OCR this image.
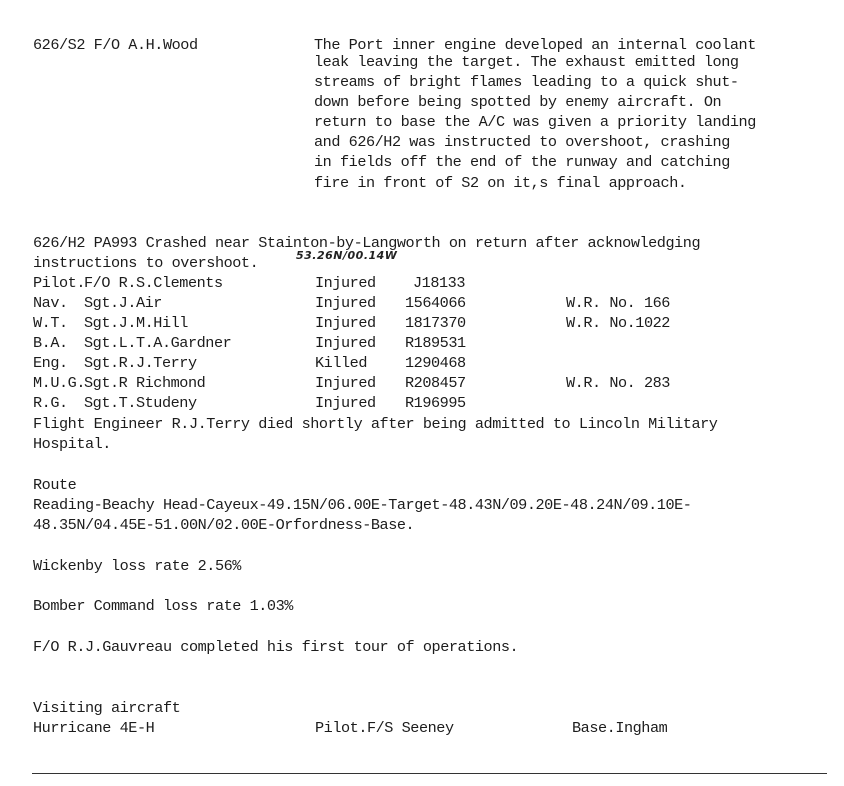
626/S2 F/O A.H.Wood	The Port inner engine developed an internal coolant
leak leaving the target. The exhaust emitted long
streams of bright flames leading to a quick shut-
down before being spotted by enemy aircraft. On
return to base the A/C was given a priority landing
and 626/H2 was instructed to overshoot, crashing
in fields off the end of the runway and catching
fire in front of S2 on it,s final approach.
626/H2 PA993 Crashed near Stainton-by-Langworth on return after acknowledging
instructions to overshoot.	53.26N/00.14W
Pilot. F/O R.S.Clements	Injured J18133
Nav. Sgt.J.Air	Injured 1564066	W.R. No. 166
W.T. Sgt.J.M.Hill	Injured 1817370	W.R. No.1022
B.A. Sgt.L.T.A.Gardner	Injured R189531
Eng. Sgt.R.J.Terry	Killed	1290468
M.U.G. Sgt.R Richmond	Injured R208457	W.R. No. 283
R.G. Sgt.T.Studeny	Injured R196995
Flight Engineer R.J.Terry died shortly after being admitted to Lincoln Military
Hospital.
Route
Reading-Beachy Head-Cayeux-49.15N/06.00E-Target-48.43N/09.20E-48.24N/09.10E-
48.35N/04.45E-51.00N/02.00E-Orfordness-Base.
Wickenby loss rate 2.56%
Bomber Command loss rate 1.03%
F/O R.J.Gauvreau completed his first tour of operations.
Visiting aircraft
Hurricane 4E-H	Pilot.F/S Seeney	Base.Ingham
